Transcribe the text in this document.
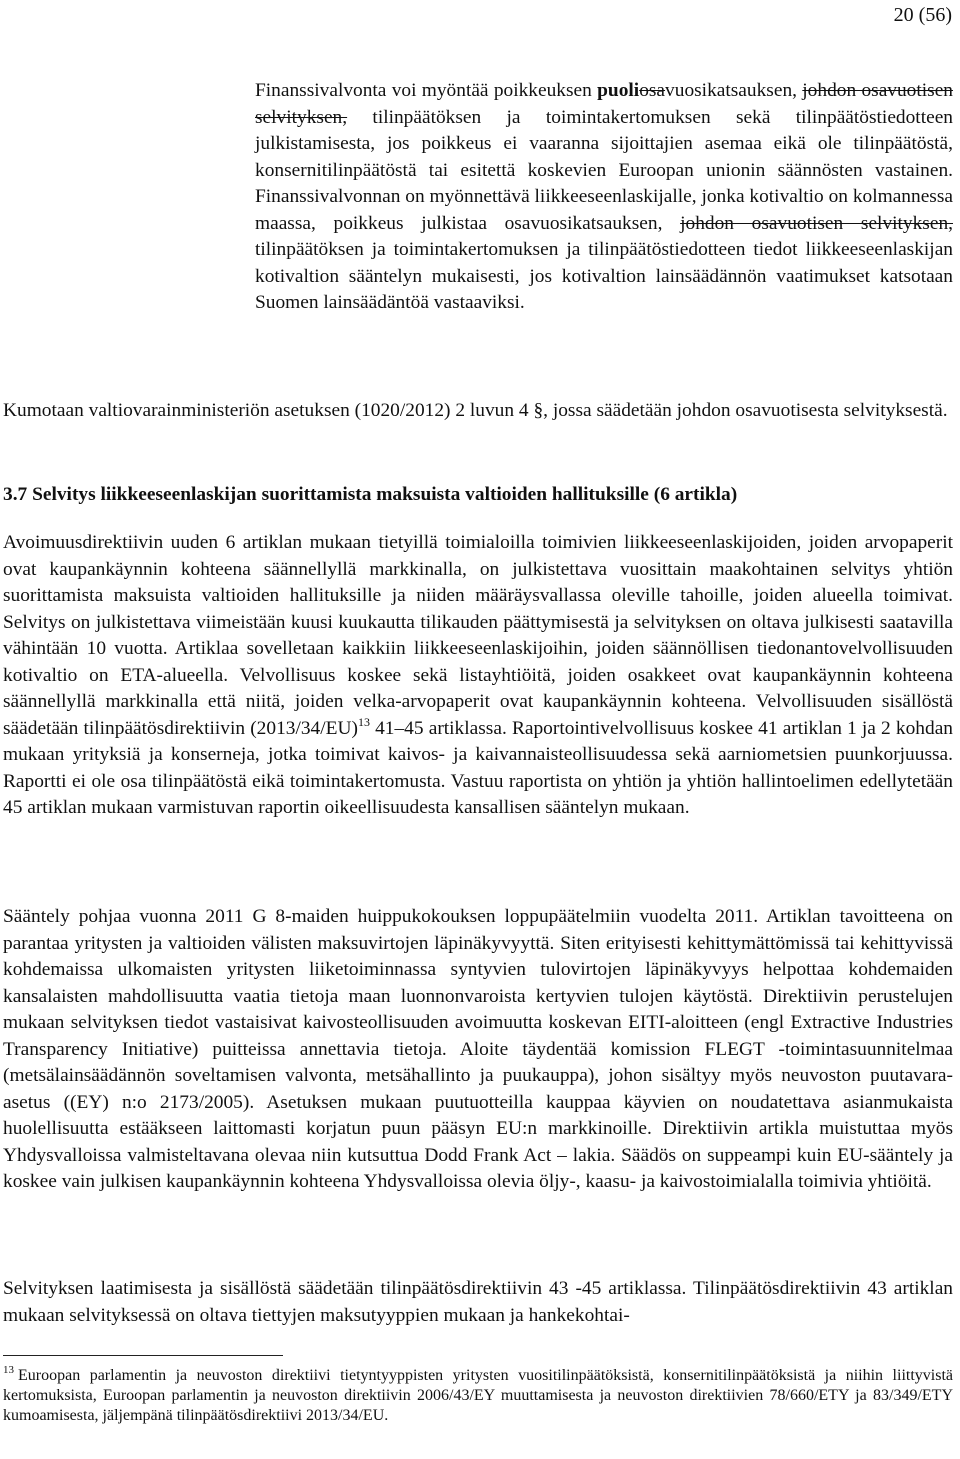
20 (56)
Finanssivalvonta voi myöntää poikkeuksen puoliosavuosikatsauksen, johdon osavuotisen selvityksen, tilinpäätöksen ja toimintakertomuksen sekä tilinpäätöstiedotteen julkistamisesta, jos poikkeus ei vaaranna sijoittajien asemaa eikä ole tilinpäätöstä, konsernitilinpäätöstä tai esitettä koskevien Euroopan unionin säännösten vastainen. Finanssivalvonnan on myönnettävä liikkeeseenlaskijalle, jonka kotivaltio on kolmannessa maassa, poikkeus julkistaa osavuosikatsauksen, johdon osavuotisen selvityksen, tilinpäätöksen ja toimintakertomuksen ja tilinpäätöstiedotteen tiedot liikkeeseenlaskijan kotivaltion sääntelyn mukaisesti, jos kotivaltion lainsäädännön vaatimukset katsotaan Suomen lainsäädäntöä vastaaviksi.

Kumotaan valtiovarainministeriön asetuksen (1020/2012) 2 luvun 4 §, jossa säädetään johdon osavuotisesta selvityksestä.

3.7 Selvitys liikkeeseenlaskijan suorittamista maksuista valtioiden hallituksille (6 artikla)

Avoimuusdirektiivin uuden 6 artiklan mukaan tietyillä toimialoilla toimivien liikkeeseenlaskijoiden, joiden arvopaperit ovat kaupankäynnin kohteena säännellyllä markkinalla, on julkistettava vuosittain maakohtainen selvitys yhtiön suorittamista maksuista valtioiden hallituksille ja niiden määräysvallassa oleville tahoille, joiden alueella toimivat. Selvitys on julkistettava viimeistään kuusi kuukautta tilikauden päättymisestä ja selvityksen on oltava julkisesti saatavilla vähintään 10 vuotta. Artiklaa sovelletaan kaikkiin liikkeeseenlaskijoihin, joiden säännöllisen tiedonantovelvollisuuden kotivaltio on ETA-alueella. Velvollisuus koskee sekä listayhtiöitä, joiden osakkeet ovat kaupankäynnin kohteena säännellyllä markkinalla että niitä, joiden velka-arvopaperit ovat kaupankäynnin kohteena. Velvollisuuden sisällöstä säädetään tilinpäätösdirektiivin $(2013/34/EU)^{13}$ 41–45 artiklassa. Raportointivelvollisuus koskee 41 artiklan 1 ja 2 kohdan mukaan yrityksiä ja konserneja, jotka toimivat kaivos- ja kaivannaisteollisuudessa sekä aarniometsien puunkorjuussa. Raportti ei ole osa tilinpäätöstä eikä toimintakertomusta. Vastuu raportista on yhtiön ja yhtiön hallintoelimen edellytetään 45 artiklan mukaan varmistuvan raportin oikeellisuudesta kansallisen sääntelyn mukaan.

Sääntely pohjaa vuonna 2011 G 8-maiden huippukokouksen loppupäätelmiin vuodelta 2011. Artiklan tavoitteena on parantaa yritysten ja valtioiden välisten maksuvirtojen läpinäkyvyyttä. Siten erityisesti kehittymättömissä tai kehittyvissä kohdemaissa ulkomaisten yritysten liiketoiminnassa syntyvien tulovirtojen läpinäkyvyys helpottaa kohdemaiden kansalaisten mahdollisuutta vaatia tietoja maan luonnonvaroista kertyvien tulojen käytöstä. Direktiivin perustelujen mukaan selvityksen tiedot vastaisivat kaivosteollisuuden avoimuutta koskevan EITI-aloitteen (engl Extractive Industries Transparency Initiative) puitteissa annettavia tietoja. Aloite täydentää komission FLEGT -toimintasuunnitelmaa (metsälainsäädännön soveltamisen valvonta, metsähallinto ja puukauppa), johon sisältyy myös neuvoston puutavara-asetus ((EY) n:o 2173/2005). Asetuksen mukaan puutuotteilla kauppaa käyvien on noudatettava asianmukaista huolellisuutta estääkseen laittomasti korjatun puun pääsyn EU:n markkinoille. Direktiivin artikla muistuttaa myös Yhdysvalloissa valmisteltavana olevaa niin kutsuttua Dodd Frank Act – lakia. Säädös on suppeampi kuin EU-sääntely ja koskee vain julkisen kaupankäynnin kohteena Yhdysvalloissa olevia öljy-, kaasu- ja kaivostoimialalla toimivia yhtiöitä.

Selvityksen laatimisesta ja sisällöstä säädetään tilinpäätösdirektiivin 43 -45 artiklassa. Tilinpäätösdirektiivin 43 artiklan mukaan selvityksessä on oltava tiettyjen maksutyyppien mukaan ja hankekohtai-

$^{13}$ Euroopan parlamentin ja neuvoston direktiivi tietyntyyppisten yritysten vuositilinpäätöksistä, konsernitilinpäätöksistä ja niihin liittyvistä kertomuksista, Euroopan parlamentin ja neuvoston direktiivin 2006/43/EY muuttamisesta ja neuvoston direktiivien 78/660/ETY ja 83/349/ETY kumoamisesta, jäljempänä tilinpäätösdirektiivi 2013/34/EU.
